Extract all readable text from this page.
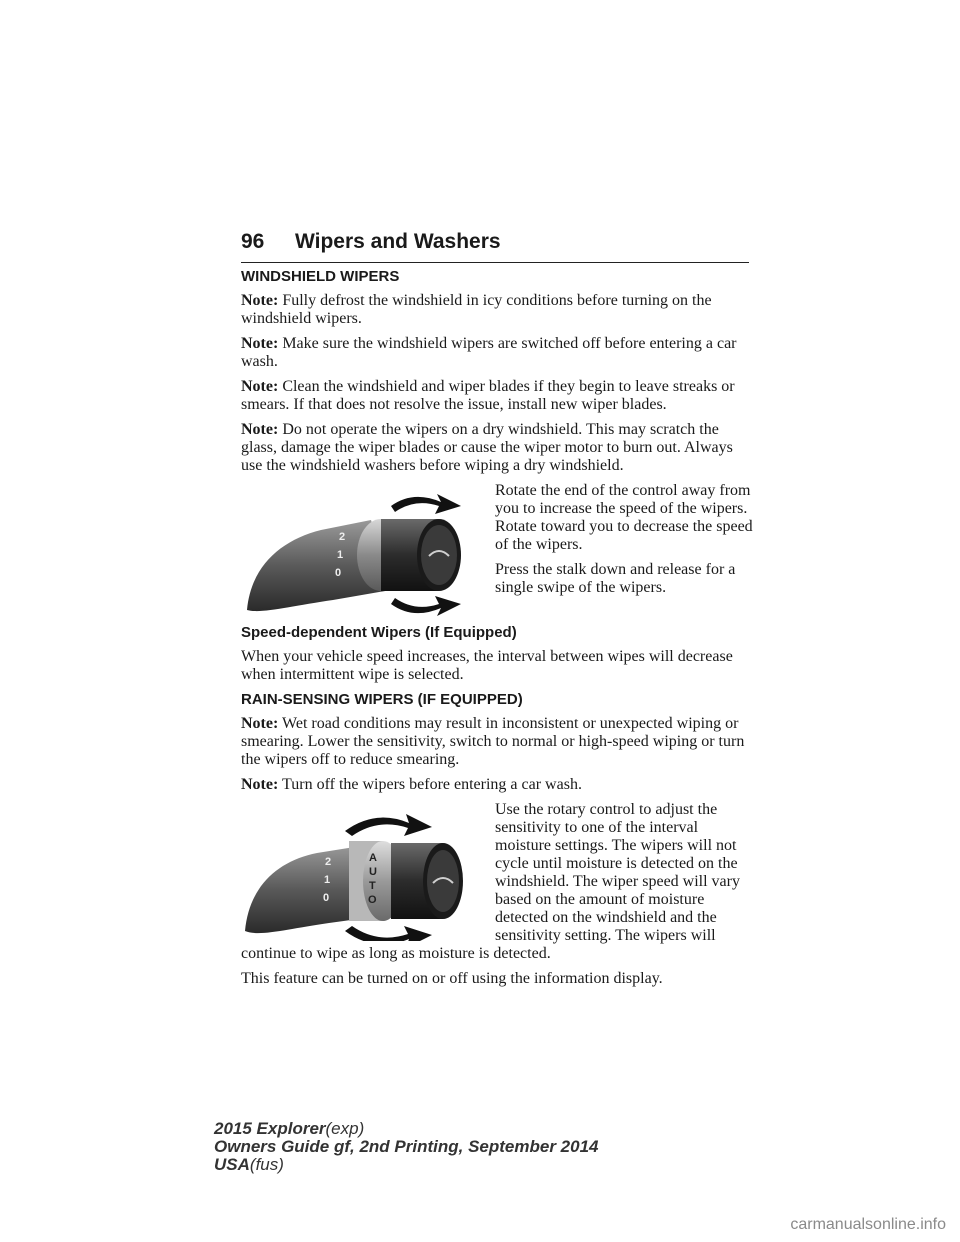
96 Wipers and Washers
WINDSHIELD WIPERS

Note: Fully defrost the windshield in icy conditions before turning on the windshield wipers.

Note: Make sure the windshield wipers are switched off before entering a car wash.

Note: Clean the windshield and wiper blades if they begin to leave streaks or smears. If that does not resolve the issue, install new wiper blades.

Note: Do not operate the wipers on a dry windshield. This may scratch the glass, damage the wiper blades or cause the wiper motor to burn out. Always use the windshield washers before wiping a dry windshield.

2
1
0

Rotate the end of the control away from you to increase the speed of the wipers. Rotate toward you to decrease the speed of the wipers.

Press the stalk down and release for a single swipe of the wipers.

Speed-dependent Wipers (If Equipped)

When your vehicle speed increases, the interval between wipes will decrease when intermittent wipe is selected.

RAIN-SENSING WIPERS (IF EQUIPPED)

Note: Wet road conditions may result in inconsistent or unexpected wiping or smearing. Lower the sensitivity, switch to normal or high-speed wiping or turn the wipers off to reduce smearing.

Note: Turn off the wipers before entering a car wash.

2
1
0
A
U
T
O

Use the rotary control to adjust the sensitivity to one of the interval moisture settings. The wipers will not cycle until moisture is detected on the windshield. The wiper speed will vary based on the amount of moisture detected on the windshield and the sensitivity setting. The wipers will continue to wipe as long as moisture is detected.

This feature can be turned on or off using the information display.

2015 Explorer(exp)
Owners Guide gf, 2nd Printing, September 2014
USA(fus)
carmanualsonline.info
